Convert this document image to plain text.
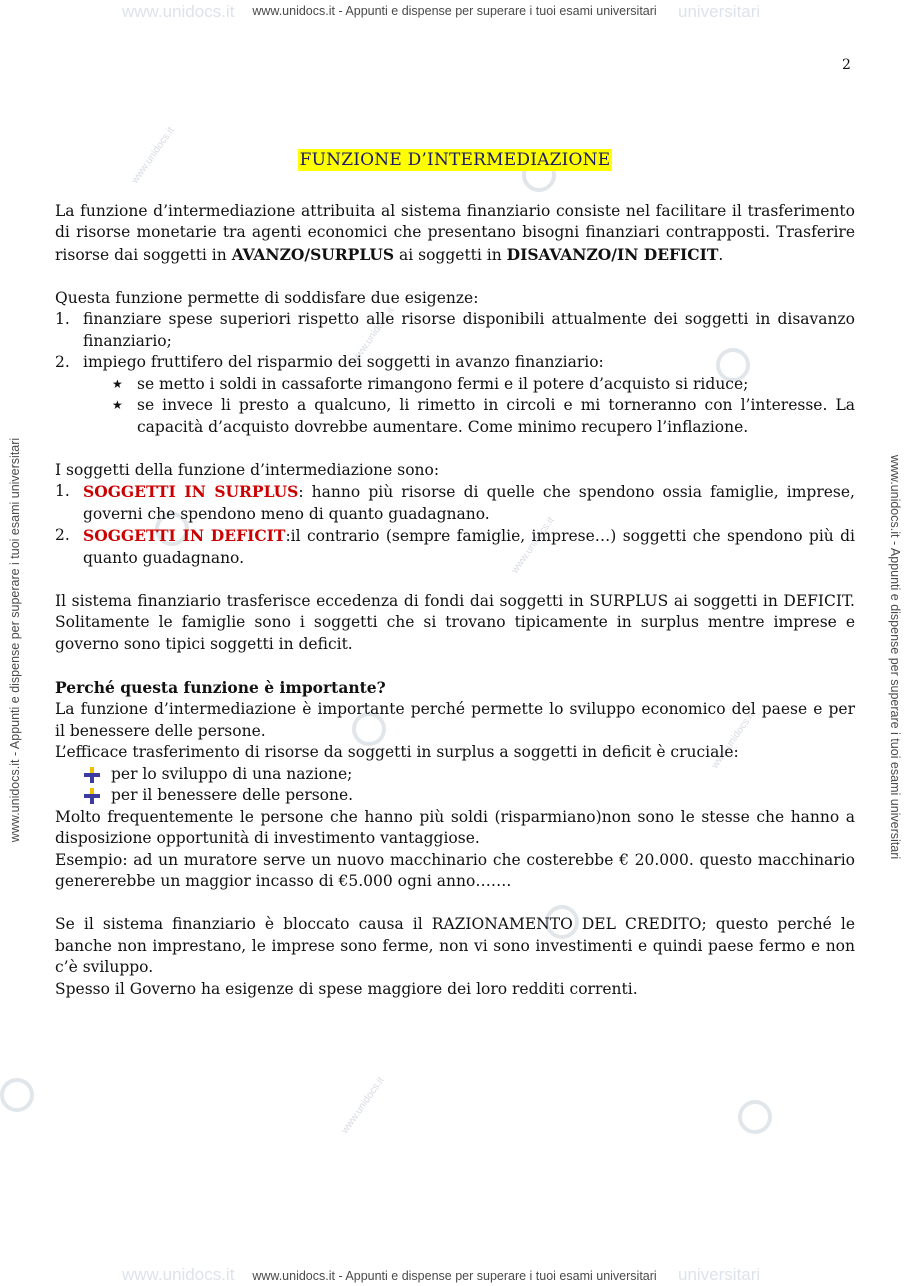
www.unidocs.it	universitari
www.unidocs.it	universitari
www.unidocs.it
www.unidocs.it
www.unidocs.it
www.unidocs.it
www.unidocs.it
www.unidocs.it - Appunti e dispense per superare i tuoi esami universitari
www.unidocs.it - Appunti e dispense per superare i tuoi esami universitari
www.unidocs.it - Appunti e dispense per superare i tuoi esami universitari	www.unidocs.it - Appunti e dispense per superare i tuoi esami universitari
2
FUNZIONE D’INTERMEDIAZIONE

La funzione d’intermediazione attribuita al sistema finanziario consiste nel facilitare il trasferimento di risorse monetarie tra agenti economici che presentano bisogni finanziari contrapposti. Trasferire risorse dai soggetti in AVANZO/SURPLUS ai soggetti in DISAVANZO/IN DEFICIT.

Questa funzione permette di soddisfare due esigenze:

1. finanziare spese superiori rispetto alle risorse disponibili attualmente dei soggetti in disavanzo finanziario;
2. impiego fruttifero del risparmio dei soggetti in avanzo finanziario:
★ se metto i soldi in cassaforte rimangono fermi e il potere d’acquisto si riduce;
★ se invece li presto a qualcuno, li rimetto in circoli e mi torneranno con l’interesse. La capacità d’acquisto dovrebbe aumentare. Come minimo recupero l’inflazione.

I soggetti della funzione d’intermediazione sono:

1. SOGGETTI IN SURPLUS: hanno più risorse di quelle che spendono ossia famiglie, imprese, governi che spendono meno di quanto guadagnano.
2. SOGGETTI IN DEFICIT:il contrario (sempre famiglie, imprese…) soggetti che spendono più di quanto guadagnano.

Il sistema finanziario trasferisce eccedenza di fondi dai soggetti in SURPLUS ai soggetti in DEFICIT. Solitamente le famiglie sono i soggetti che si trovano tipicamente in surplus mentre imprese e governo sono tipici soggetti in deficit.

Perché questa funzione è importante?

La funzione d’intermediazione è importante perché permette lo sviluppo economico del paese e per il benessere delle persone.

L’efficace trasferimento di risorse da soggetti in surplus a soggetti in deficit è cruciale:

per lo sviluppo di una nazione;
per il benessere delle persone.

Molto frequentemente le persone che hanno più soldi (risparmiano)non sono le stesse che hanno a disposizione opportunità di investimento vantaggiose.

Esempio: ad un muratore serve un nuovo macchinario che costerebbe € 20.000. questo macchinario genererebbe un maggior incasso di €5.000 ogni anno…….

Se il sistema finanziario è bloccato causa il RAZIONAMENTO DEL CREDITO; questo perché le banche non imprestano, le imprese sono ferme, non vi sono investimenti e quindi paese fermo e non c’è sviluppo.

Spesso il Governo ha esigenze di spese maggiore dei loro redditi correnti.
